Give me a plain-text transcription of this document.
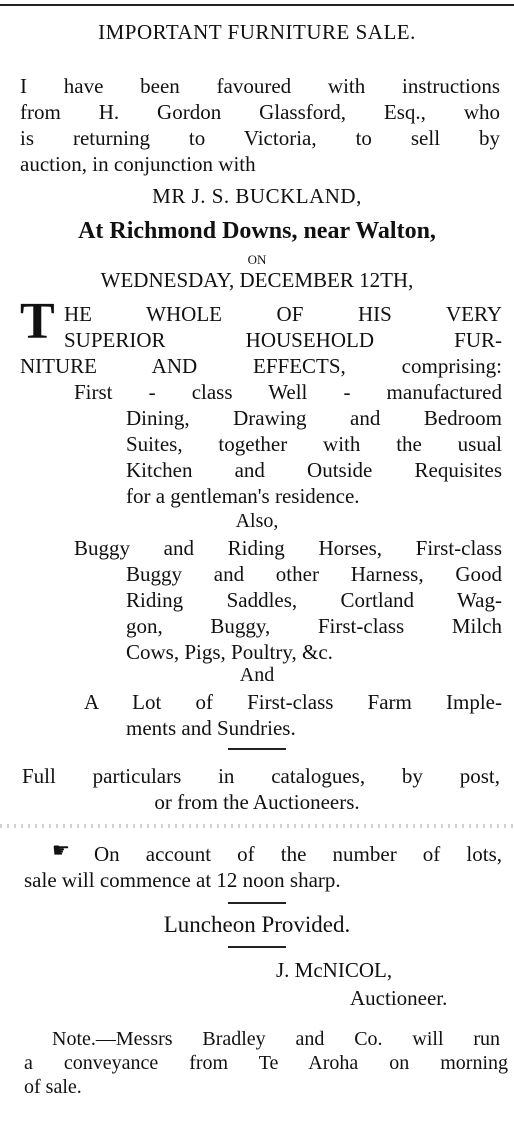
IMPORTANT FURNITURE SALE.
I have been favoured with instructions
from H. Gordon Glassford, Esq., who
is returning to Victoria, to sell by
auction, in conjunction with
MR J. S. BUCKLAND,
At Richmond Downs, near Walton,
ON
WEDNESDAY, DECEMBER 12TH,
T HE WHOLE OF HIS VERY
SUPERIOR HOUSEHOLD FUR-
NITURE AND EFFECTS, comprising:
First - class Well - manufactured
Dining, Drawing and Bedroom
Suites, together with the usual
Kitchen and Outside Requisites
for a gentleman's residence.
Also,
Buggy and Riding Horses, First-class
Buggy and other Harness, Good
Riding Saddles, Cortland Wag-
gon, Buggy, First-class Milch
Cows, Pigs, Poultry, &c.
And
A Lot of First-class Farm Imple-
ments and Sundries.
Full particulars in catalogues, by post,
or from the Auctioneers.
☛ On account of the number of lots,
sale will commence at 12 noon sharp.
Luncheon Provided.
J. McNICOL,
Auctioneer.
Note.—Messrs Bradley and Co. will run
a conveyance from Te Aroha on morning
of sale.
